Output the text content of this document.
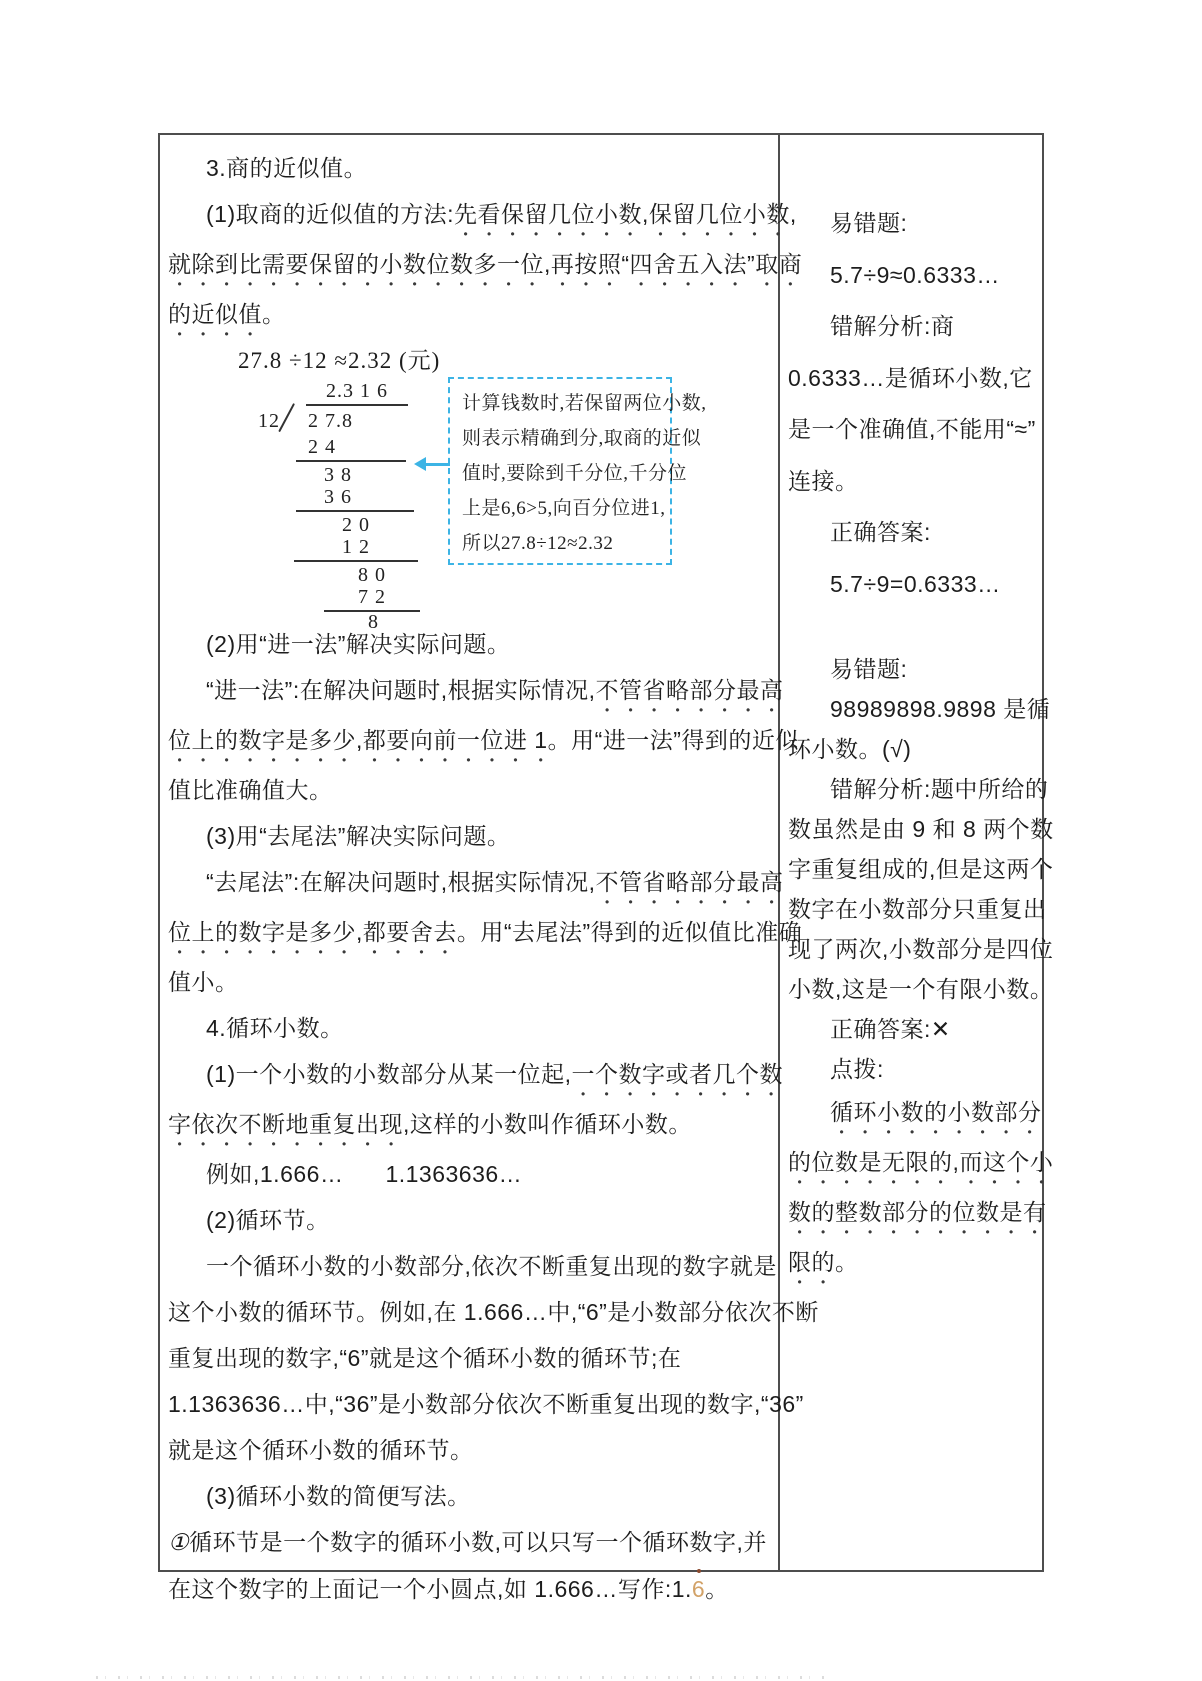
3.商的近似值。
(1)取商的近似值的方法:先看保留几位小数,保留几位小数,
就除到比需要保留的小数位数多一位,再按照“四舍五入法”取商
的近似值。
27.8 ÷12 ≈2.32 (元)
2.3 1 6
12 2 7.8
2 4
3 8
3 6
2 0
1 2
8 0
7 2
8
计算钱数时,若保留两位小数,
则表示精确到分,取商的近似
值时,要除到千分位,千分位
上是6,6>5,向百分位进1,
所以27.8÷12≈2.32
(2)用“进一法”解决实际问题。
“进一法”:在解决问题时,根据实际情况,不管省略部分最高
位上的数字是多少,都要向前一位进 1。用“进一法”得到的近似
值比准确值大。
(3)用“去尾法”解决实际问题。
“去尾法”:在解决问题时,根据实际情况,不管省略部分最高
位上的数字是多少,都要舍去。用“去尾法”得到的近似值比准确
值小。
4.循环小数。
(1)一个小数的小数部分从某一位起,一个数字或者几个数
字依次不断地重复出现,这样的小数叫作循环小数。
例如,1.666… 1.1363636…
(2)循环节。
一个循环小数的小数部分,依次不断重复出现的数字就是
这个小数的循环节。例如,在 1.666…中,“6”是小数部分依次不断
重复出现的数字,“6”就是这个循环小数的循环节;在
1.1363636…中,“36”是小数部分依次不断重复出现的数字,“36”
就是这个循环小数的循环节。
(3)循环小数的简便写法。
①循环节是一个数字的循环小数,可以只写一个循环数字,并
在这个数字的上面记一个小圆点,如 1.666…写作:1.6。
易错题:
5.7÷9≈0.6333…
错解分析:商
0.6333…是循环小数,它
是一个准确值,不能用“≈”
连接。
正确答案:
5.7÷9=0.6333…
易错题:
98989898.9898 是循
环小数。(√)
错解分析:题中所给的
数虽然是由 9 和 8 两个数
字重复组成的,但是这两个
数字在小数部分只重复出
现了两次,小数部分是四位
小数,这是一个有限小数。
正确答案:✕
点拨:
循环小数的小数部分
的位数是无限的,而这个小
数的整数部分的位数是有
限的。
